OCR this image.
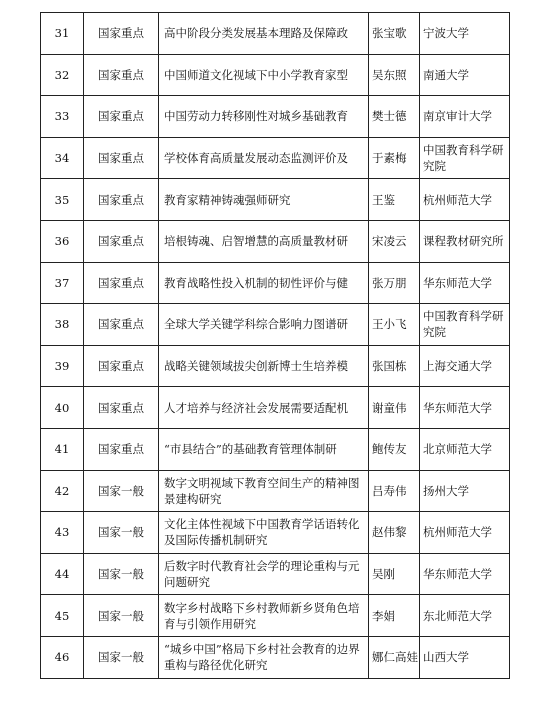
31	国家重点	高中阶段分类发展基本理路及保障政	张宝歌	宁波大学
32	国家重点	中国师道文化视域下中小学教育家型	吴东照	南通大学
33	国家重点	中国劳动力转移刚性对城乡基础教育	樊士德	南京审计大学
34	国家重点	学校体育高质量发展动态监测评价及	于素梅	中国教育科学研究院
35	国家重点	教育家精神铸魂强师研究	王鉴	杭州师范大学
36	国家重点	培根铸魂、启智增慧的高质量教材研	宋凌云	课程教材研究所
37	国家重点	教育战略性投入机制的韧性评价与健	张万朋	华东师范大学
38	国家重点	全球大学关键学科综合影响力图谱研	王小飞	中国教育科学研究院
39	国家重点	战略关键领域拔尖创新博士生培养模	张国栋	上海交通大学
40	国家重点	人才培养与经济社会发展需要适配机	谢童伟	华东师范大学
41	国家重点	“市县结合”的基础教育管理体制研	鲍传友	北京师范大学
42	国家一般	数字文明视域下教育空间生产的精神图景建构研究	吕寿伟	扬州大学
43	国家一般	文化主体性视域下中国教育学话语转化及国际传播机制研究	赵伟黎	杭州师范大学
44	国家一般	后数字时代教育社会学的理论重构与元问题研究	吴刚	华东师范大学
45	国家一般	数字乡村战略下乡村教师新乡贤角色培育与引领作用研究	李娟	东北师范大学
46	国家一般	“城乡中国”格局下乡村社会教育的边界重构与路径优化研究	娜仁高娃	山西大学
